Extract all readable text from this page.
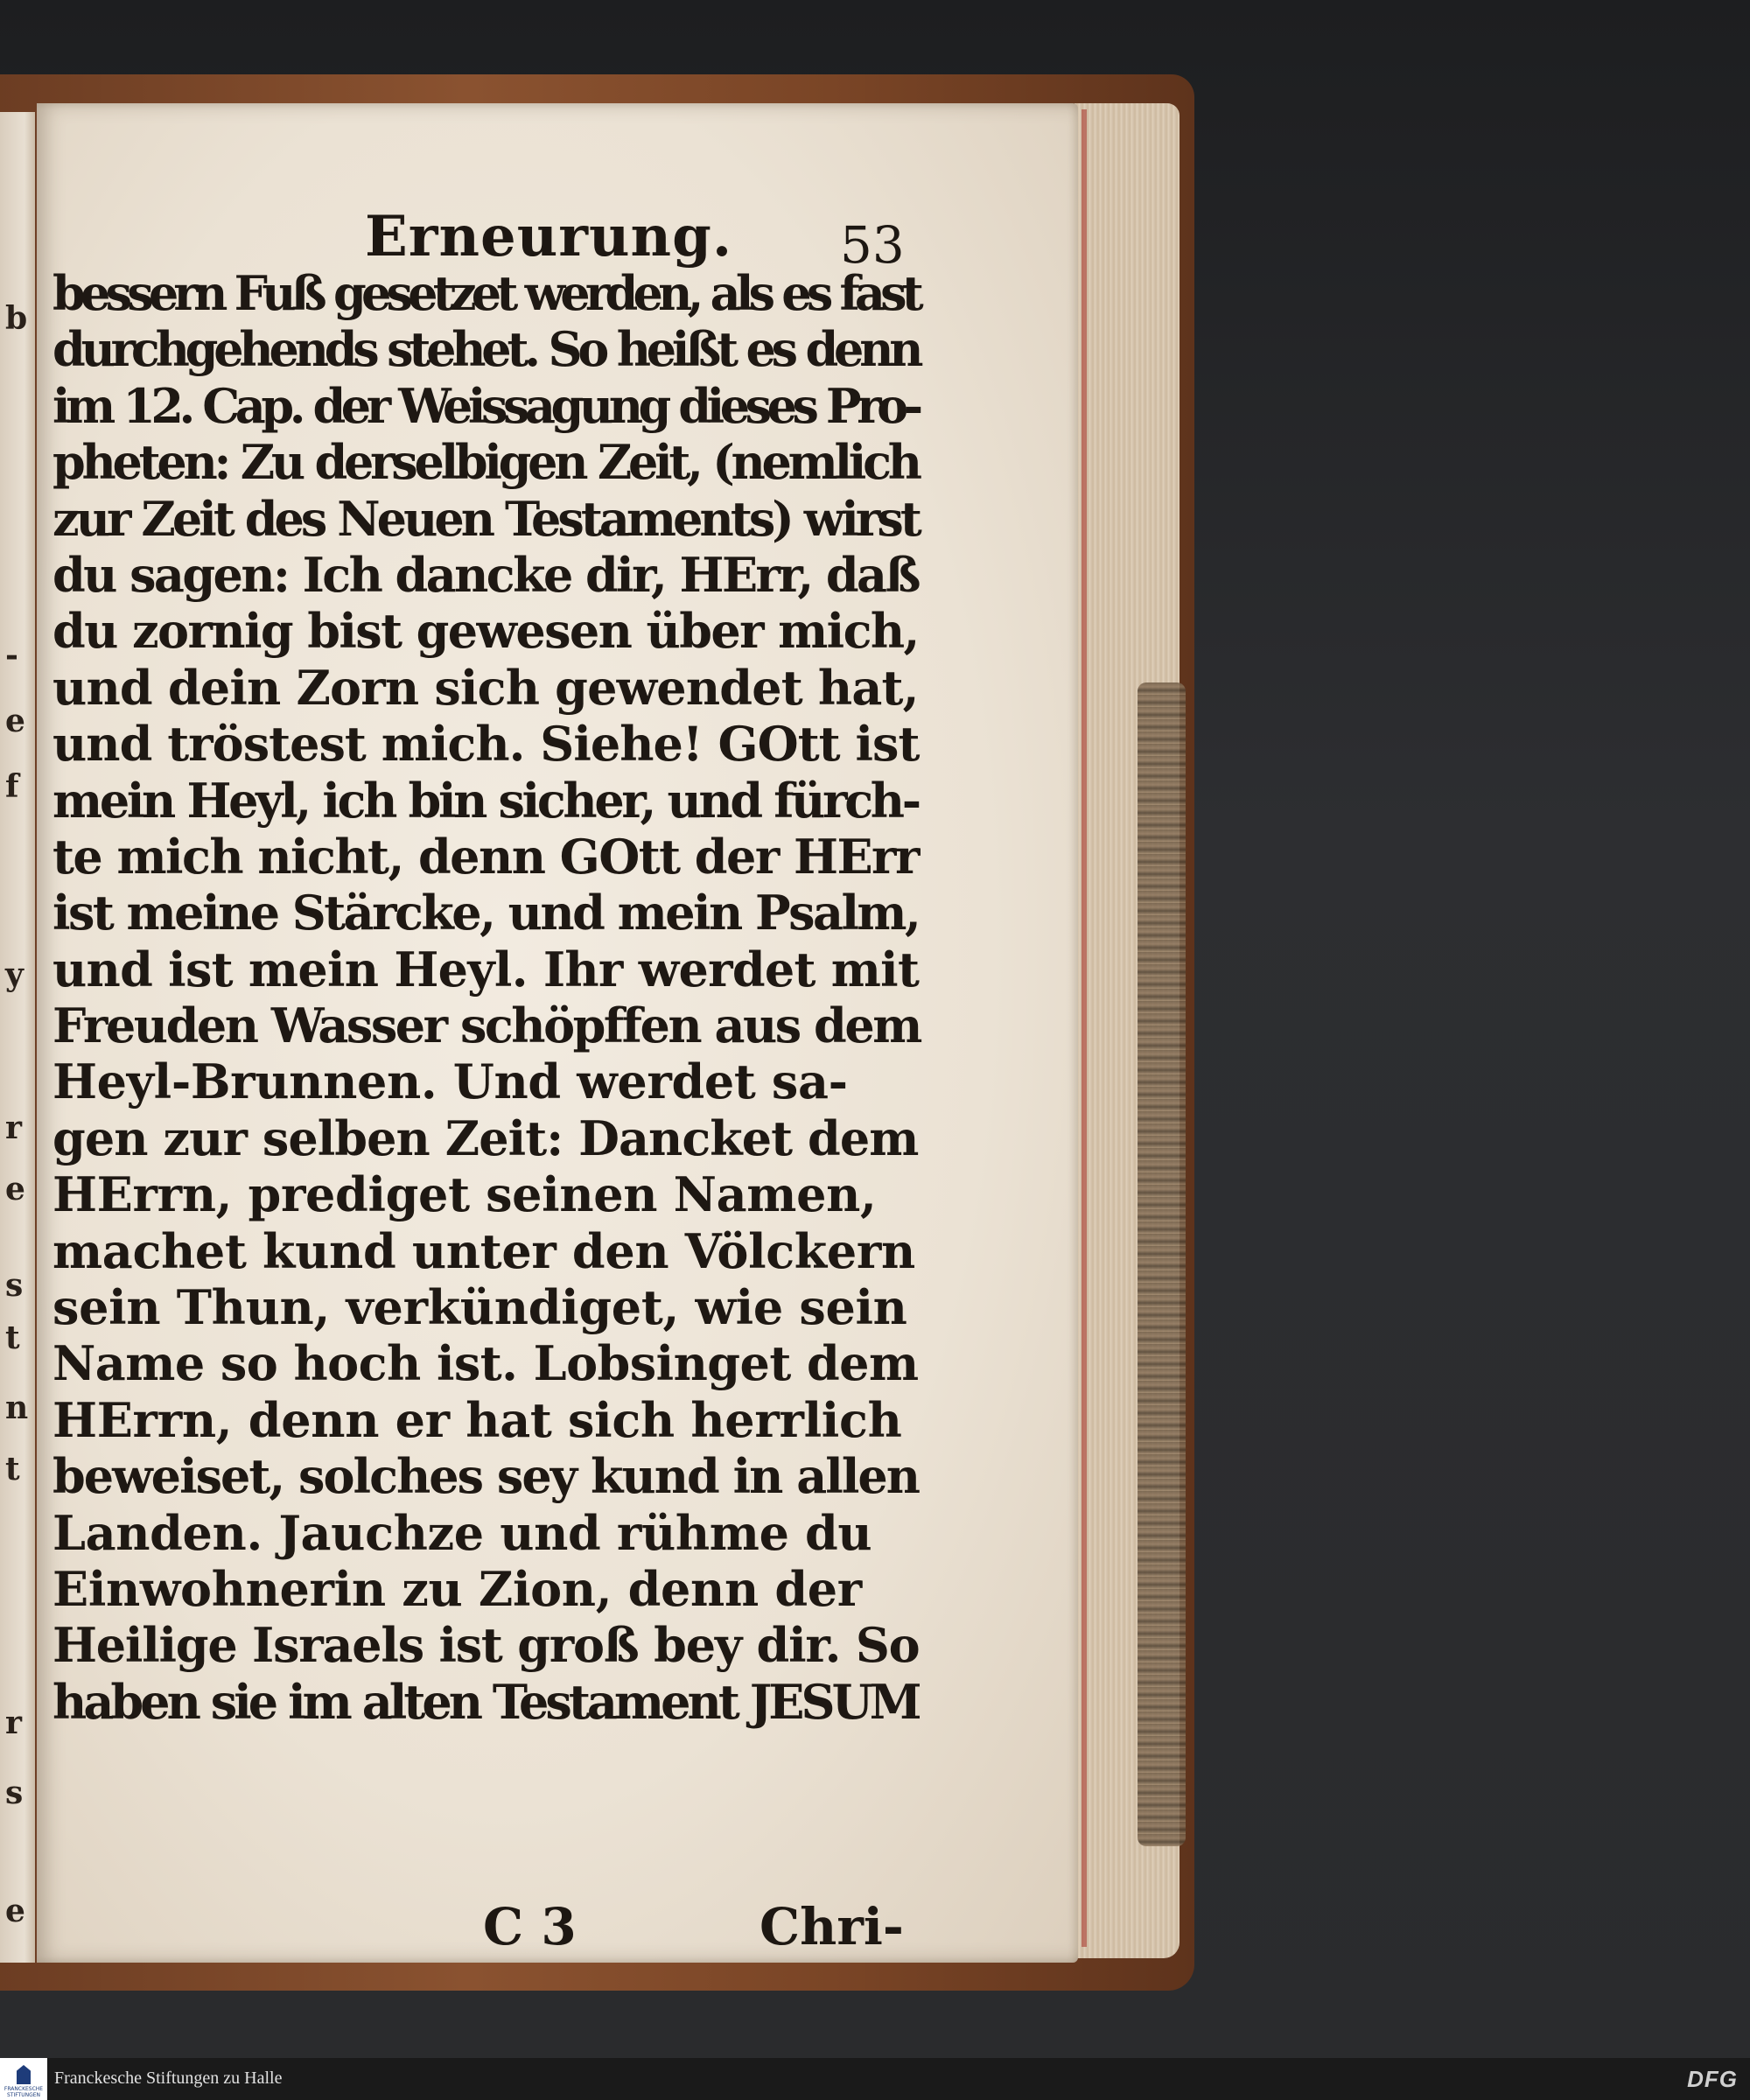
b
-
e
f
y
r
e
s
t
n
t
r
s
e
Erneurung. 53
bessern Fuß gesetzet werden, als es fast
durchgehends stehet. So heißt es denn
im 12. Cap. der Weissagung dieses Pro-
pheten: Zu derselbigen Zeit, (nemlich
zur Zeit des Neuen Testaments) wirst
du sagen: Ich dancke dir, HErr, daß
du zornig bist gewesen über mich,
und dein Zorn sich gewendet hat,
und tröstest mich. Siehe! GOtt ist
mein Heyl, ich bin sicher, und fürch-
te mich nicht, denn GOtt der HErr
ist meine Stärcke, und mein Psalm,
und ist mein Heyl. Ihr werdet mit
Freuden Wasser schöpffen aus dem
Heyl-Brunnen. Und werdet sa-
gen zur selben Zeit: Dancket dem
HErrn, prediget seinen Namen,
machet kund unter den Völckern
sein Thun, verkündiget, wie sein
Name so hoch ist. Lobsinget dem
HErrn, denn er hat sich herrlich
beweiset, solches sey kund in allen
Landen. Jauchze und rühme du
Einwohnerin zu Zion, denn der
Heilige Israels ist groß bey dir. So
haben sie im alten Testament JESUM
C 3	Chri-
FRANCKESCHE STIFTUNGEN
Franckesche Stiftungen zu Halle	DFG
